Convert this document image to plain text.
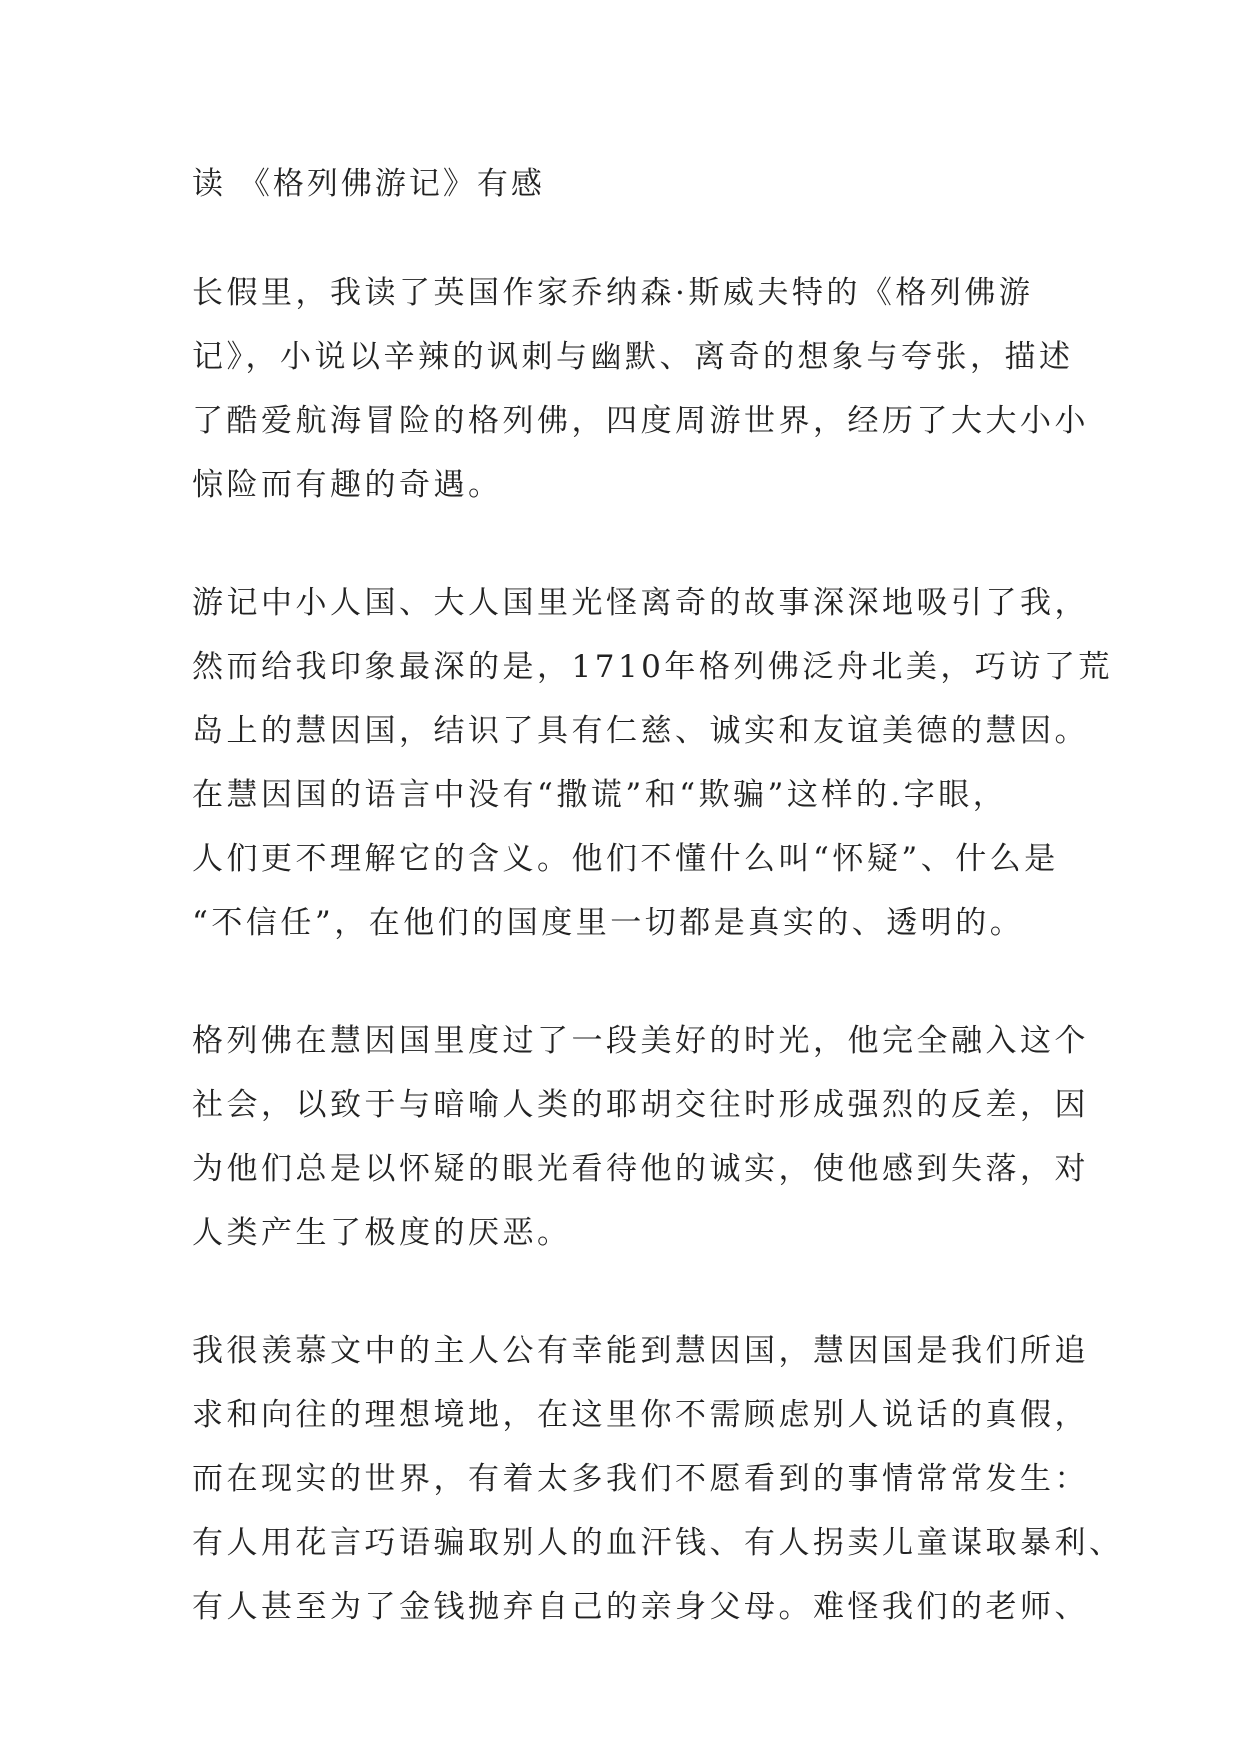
读 《格列佛游记》有感
长假里，我读了英国作家乔纳森·斯威夫特的《格列佛游
记》，小说以辛辣的讽刺与幽默、离奇的想象与夸张，描述
了酷爱航海冒险的格列佛，四度周游世界，经历了大大小小
惊险而有趣的奇遇。
游记中小人国、大人国里光怪离奇的故事深深地吸引了我，
然而给我印象最深的是，1710年格列佛泛舟北美，巧访了荒
岛上的慧因国，结识了具有仁慈、诚实和友谊美德的慧因。
在慧因国的语言中没有“撒谎”和“欺骗”这样的.字眼，
人们更不理解它的含义。他们不懂什么叫“怀疑”、什么是
“不信任”，在他们的国度里一切都是真实的、透明的。
格列佛在慧因国里度过了一段美好的时光，他完全融入这个
社会，以致于与暗喻人类的耶胡交往时形成强烈的反差，因
为他们总是以怀疑的眼光看待他的诚实，使他感到失落，对
人类产生了极度的厌恶。
我很羡慕文中的主人公有幸能到慧因国，慧因国是我们所追
求和向往的理想境地，在这里你不需顾虑别人说话的真假，
而在现实的世界，有着太多我们不愿看到的事情常常发生：
有人用花言巧语骗取别人的血汗钱、有人拐卖儿童谋取暴利、
有人甚至为了金钱抛弃自己的亲身父母。难怪我们的老师、
